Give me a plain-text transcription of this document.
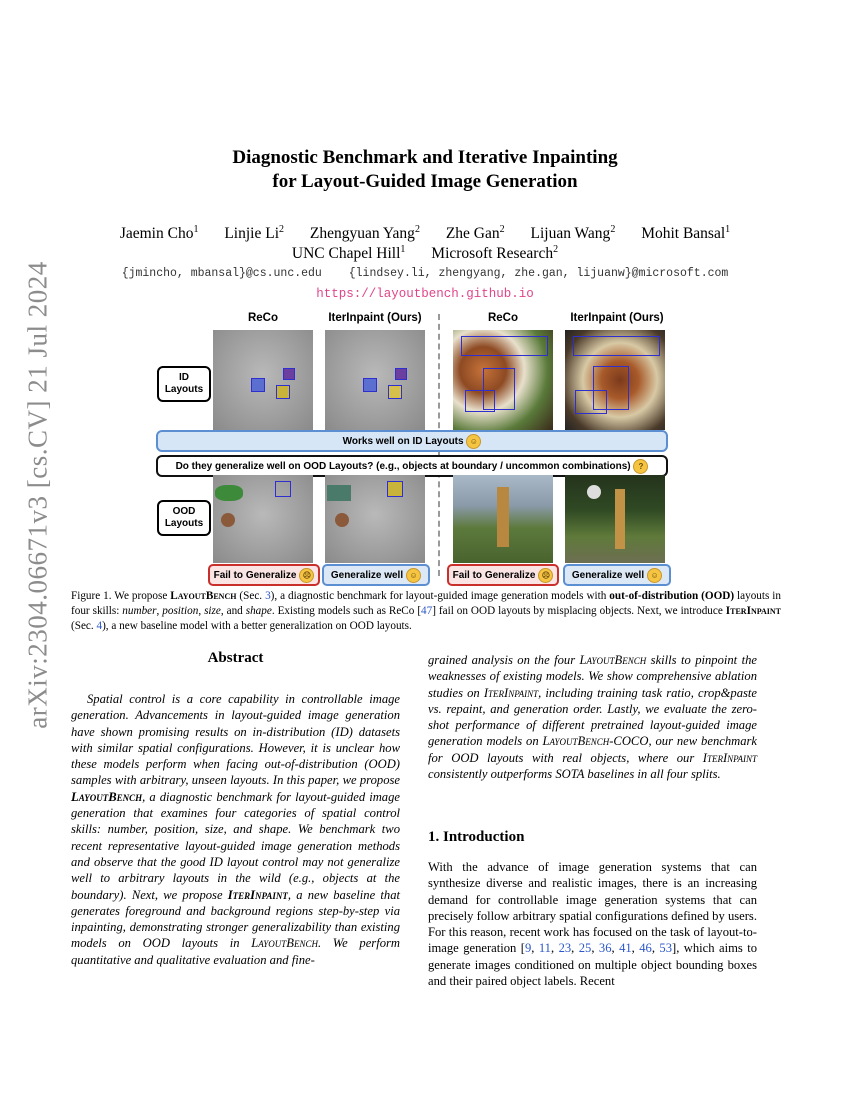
arXiv:2304.06671v3 [cs.CV] 21 Jul 2024
Diagnostic Benchmark and Iterative Inpainting
for Layout-Guided Image Generation
Jaemin Cho$^1$ Linjie Li$^2$ Zhengyuan Yang$^2$ Zhe Gan$^2$ Lijuan Wang$^2$ Mohit Bansal$^1$
UNC Chapel Hill$^1$ Microsoft Research$^2$
{jmincho, mbansal}@cs.unc.edu {lindsey.li, zhengyang, zhe.gan, lijuanw}@microsoft.com
https://layoutbench.github.io
ReCo	IterInpaint (Ours)	ReCo	IterInpaint (Ours)
ID
Layouts
Works well on ID Layouts
☺
Do they generalize well on OOD Layouts? (e.g., objects at boundary / uncommon combinations)
?
OOD
Layouts
Fail to Generalize ☹	Generalize well ☺	Fail to Generalize ☹	Generalize well ☺
Figure 1. We propose LayoutBench (Sec. 3), a diagnostic benchmark for layout-guided image generation models with out-of-distribution (OOD) layouts in four skills: number, position, size, and shape. Existing models such as ReCo [47] fail on OOD layouts by misplacing objects. Next, we introduce IterInpaint (Sec. 4), a new baseline model with a better generalization on OOD layouts.
Abstract

Spatial control is a core capability in controllable image generation. Advancements in layout-guided image generation have shown promising results on in-distribution (ID) datasets with similar spatial configurations. However, it is unclear how these models perform when facing out-of-distribution (OOD) samples with arbitrary, unseen layouts. In this paper, we propose LayoutBench, a diagnostic benchmark for layout-guided image generation that examines four categories of spatial control skills: number, position, size, and shape. We benchmark two recent representative layout-guided image generation methods and observe that the good ID layout control may not generalize well to arbitrary layouts in the wild (e.g., objects at the boundary). Next, we propose IterInpaint, a new baseline that generates foreground and background regions step-by-step via inpainting, demonstrating stronger generalizability than existing models on OOD layouts in LayoutBench. We perform quantitative and qualitative evaluation and fine-

grained analysis on the four LayoutBench skills to pinpoint the weaknesses of existing models. We show comprehensive ablation studies on IterInpaint, including training task ratio, crop&paste vs. repaint, and generation order. Lastly, we evaluate the zero-shot performance of different pretrained layout-guided image generation models on LayoutBench-COCO, our new benchmark for OOD layouts with real objects, where our IterInpaint consistently outperforms SOTA baselines in all four splits.

1. Introduction

With the advance of image generation systems that can synthesize diverse and realistic images, there is an increasing demand for controllable image generation systems that can precisely follow arbitrary spatial configurations defined by users. For this reason, recent work has focused on the task of layout-to-image generation [9, 11, 23, 25, 36, 41, 46, 53], which aims to generate images conditioned on multiple object bounding boxes and their paired object labels. Recent
